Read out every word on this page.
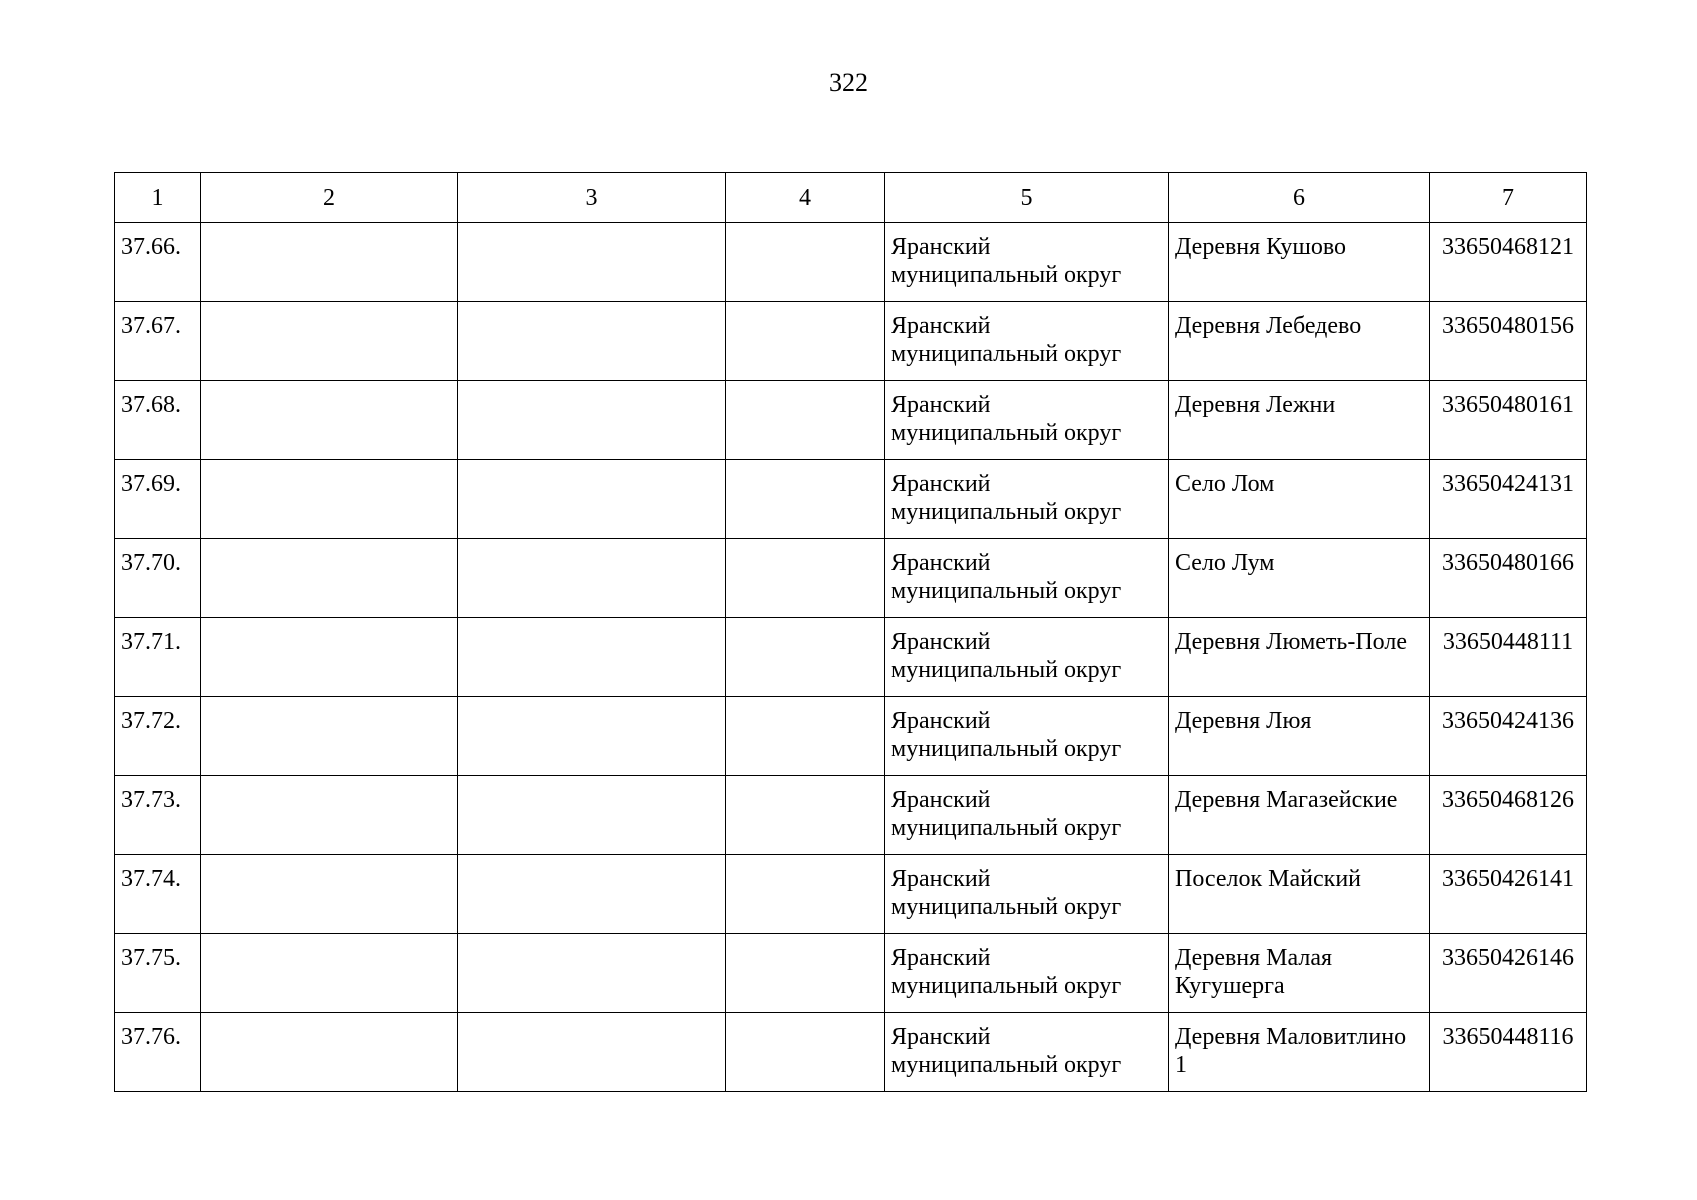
322
1	2	3	4	5	6	7
37.66.				Яранский муниципальный округ	Деревня Кушово	33650468121
37.67.				Яранский муниципальный округ	Деревня Лебедево	33650480156
37.68.				Яранский муниципальный округ	Деревня Лежни	33650480161
37.69.				Яранский муниципальный округ	Село Лом	33650424131
37.70.				Яранский муниципальный округ	Село Лум	33650480166
37.71.				Яранский муниципальный округ	Деревня Люметь-Поле	33650448111
37.72.				Яранский муниципальный округ	Деревня Люя	33650424136
37.73.				Яранский муниципальный округ	Деревня Магазейские	33650468126
37.74.				Яранский муниципальный округ	Поселок Майский	33650426141
37.75.				Яранский муниципальный округ	Деревня Малая Кугушерга	33650426146
37.76.				Яранский муниципальный округ	Деревня Маловитлино 1	33650448116
